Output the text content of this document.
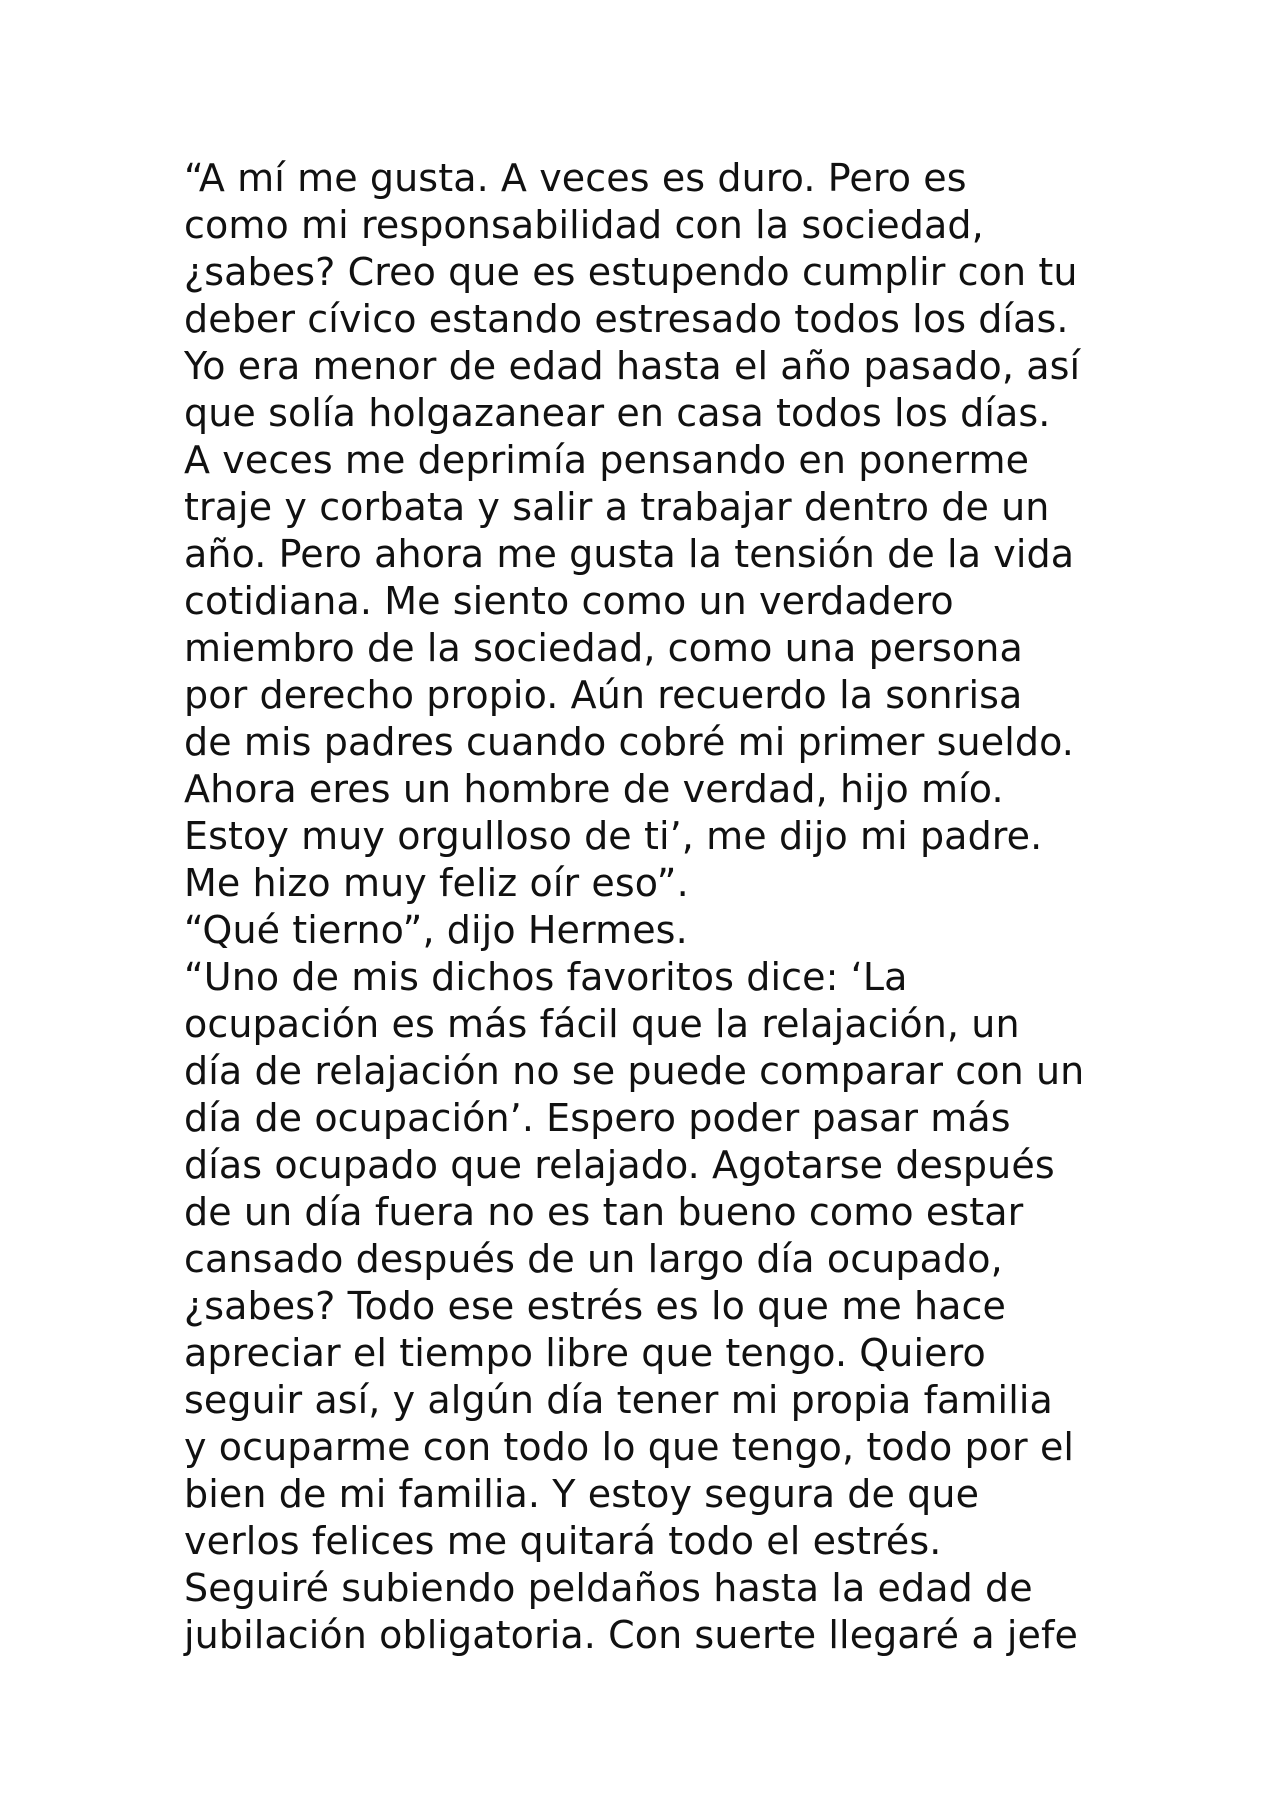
“A mí me gusta. A veces es duro. Pero es
como mi responsabilidad con la sociedad,
¿sabes? Creo que es estupendo cumplir con tu
deber cívico estando estresado todos los días.
Yo era menor de edad hasta el año pasado, así
que solía holgazanear en casa todos los días.
A veces me deprimía pensando en ponerme
traje y corbata y salir a trabajar dentro de un
año. Pero ahora me gusta la tensión de la vida
cotidiana. Me siento como un verdadero
miembro de la sociedad, como una persona
por derecho propio. Aún recuerdo la sonrisa
de mis padres cuando cobré mi primer sueldo.
Ahora eres un hombre de verdad, hijo mío.
Estoy muy orgulloso de ti’, me dijo mi padre.
Me hizo muy feliz oír eso”.
“Qué tierno”, dijo Hermes.
“Uno de mis dichos favoritos dice: ‘La
ocupación es más fácil que la relajación, un
día de relajación no se puede comparar con un
día de ocupación’. Espero poder pasar más
días ocupado que relajado. Agotarse después
de un día fuera no es tan bueno como estar
cansado después de un largo día ocupado,
¿sabes? Todo ese estrés es lo que me hace
apreciar el tiempo libre que tengo. Quiero
seguir así, y algún día tener mi propia familia
y ocuparme con todo lo que tengo, todo por el
bien de mi familia. Y estoy segura de que
verlos felices me quitará todo el estrés.
Seguiré subiendo peldaños hasta la edad de
jubilación obligatoria. Con suerte llegaré a jefe
